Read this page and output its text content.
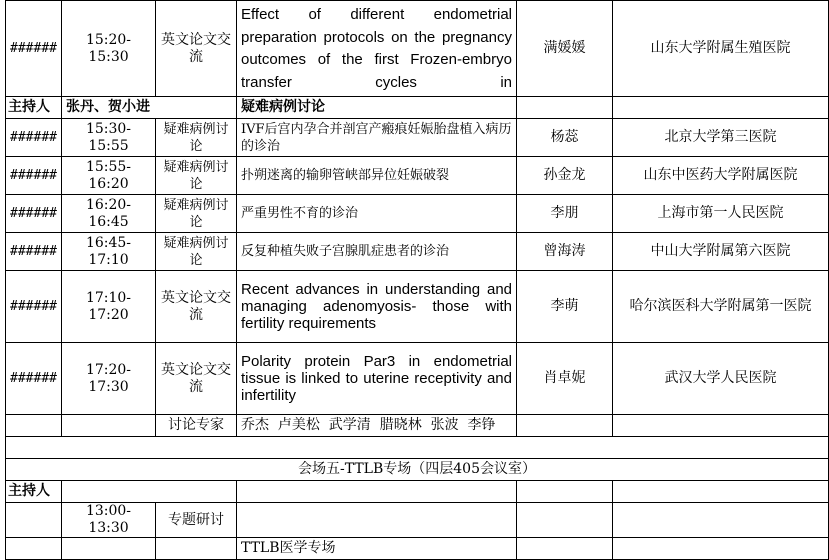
######	15:20-15:30	英文论文交流	Effect of different endometrial preparation protocols on the pregnancy outcomes of the first Frozen-embryo transfer cycles in	满媛媛	山东大学附属生殖医院
主持人	张丹、贺小进		疑难病例讨论		
######	15:30-15:55	疑难病例讨论	IVF后宫内孕合并剖宫产瘢痕妊娠胎盘植入病历的诊治	杨蕊	北京大学第三医院
######	15:55-16:20	疑难病例讨论	扑朔迷离的输卵管峡部异位妊娠破裂	孙金龙	山东中医药大学附属医院
######	16:20-16:45	疑难病例讨论	严重男性不育的诊治	李朋	上海市第一人民医院
######	16:45-17:10	疑难病例讨论	反复种植失败子宫腺肌症患者的诊治	曾海涛	中山大学附属第六医院
######	17:10-17:20	英文论文交流	Recent advances in understanding and managing adenomyosis- those with fertility requirements	李萌	哈尔滨医科大学附属第一医院
######	17:20-17:30	英文论文交流	Polarity protein Par3 in endometrial tissue is linked to uterine receptivity and infertility	肖卓妮	武汉大学人民医院
		讨论专家	乔杰  卢美松  武学清  腊晓林  张波  李铮		

会场五-TTLB专场（四层405会议室）					
主持人					
	13:00-13:30	专题研讨			
			TTLB医学专场		
